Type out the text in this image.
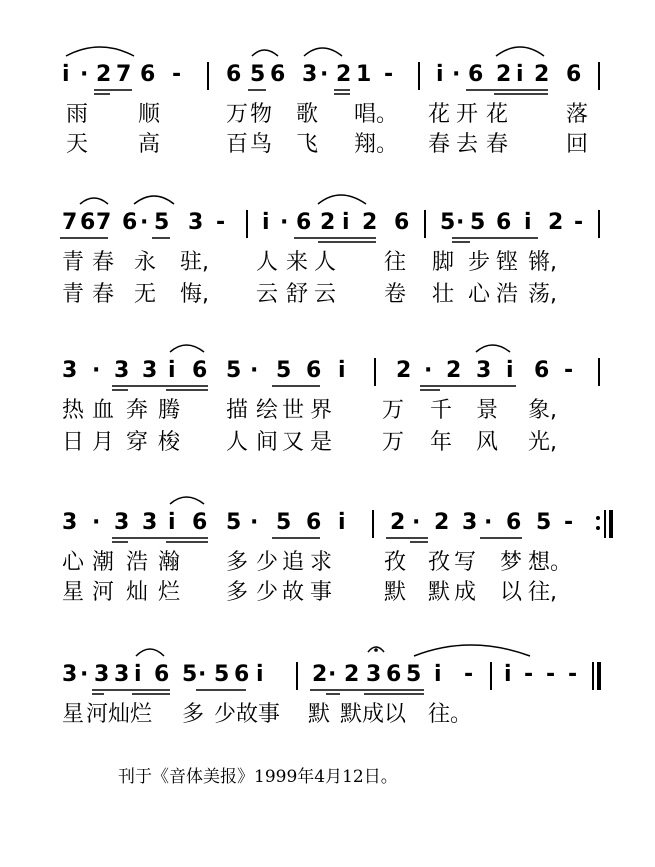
i̇ · 2 7 6 - 6 5 6 3 · 2 1 - i̇ · 6 2 i̇ 2 6
雨 顺	万 物 歌 唱。 花 开 花	落
天 高	百 鸟 飞 翔。 春 去 春	回
7 6 7 6 · 5 3 - i̇ · 6 2 i̇ 2 6 5 · 5 6 i̇ 2 -
青 春 永 驻, 人 来 人 往 脚 步 铿 锵,
青 春 无 悔, 云 舒 云 卷 壮 心 浩 荡,
3 · 3 3 i̇ 6 5 · 5 6 i̇ 2 · 2 3 i̇ 6 -
热 血 奔 腾 描 绘 世 界 万 千 景 象,
日 月 穿 梭 人 间 又 是 万 年 风 光,
3 · 3 3 i̇ 6 5 · 5 6 i̇ 2 · 2 3 · 6 5 -
心 潮 浩 瀚 多 少 追 求 孜 孜 写 梦 想。
星 河 灿 烂 多 少 故 事 默 默 成 以 往,
3 · 3 3 i̇ 6 5 · 5 6 i̇ 2 · 2 3 6 5 i̇ - i̇ - - -
星 河 灿 烂 多 少 故 事 默 默 成 以 往。
刊于《音体美报》1999年4月12日。
